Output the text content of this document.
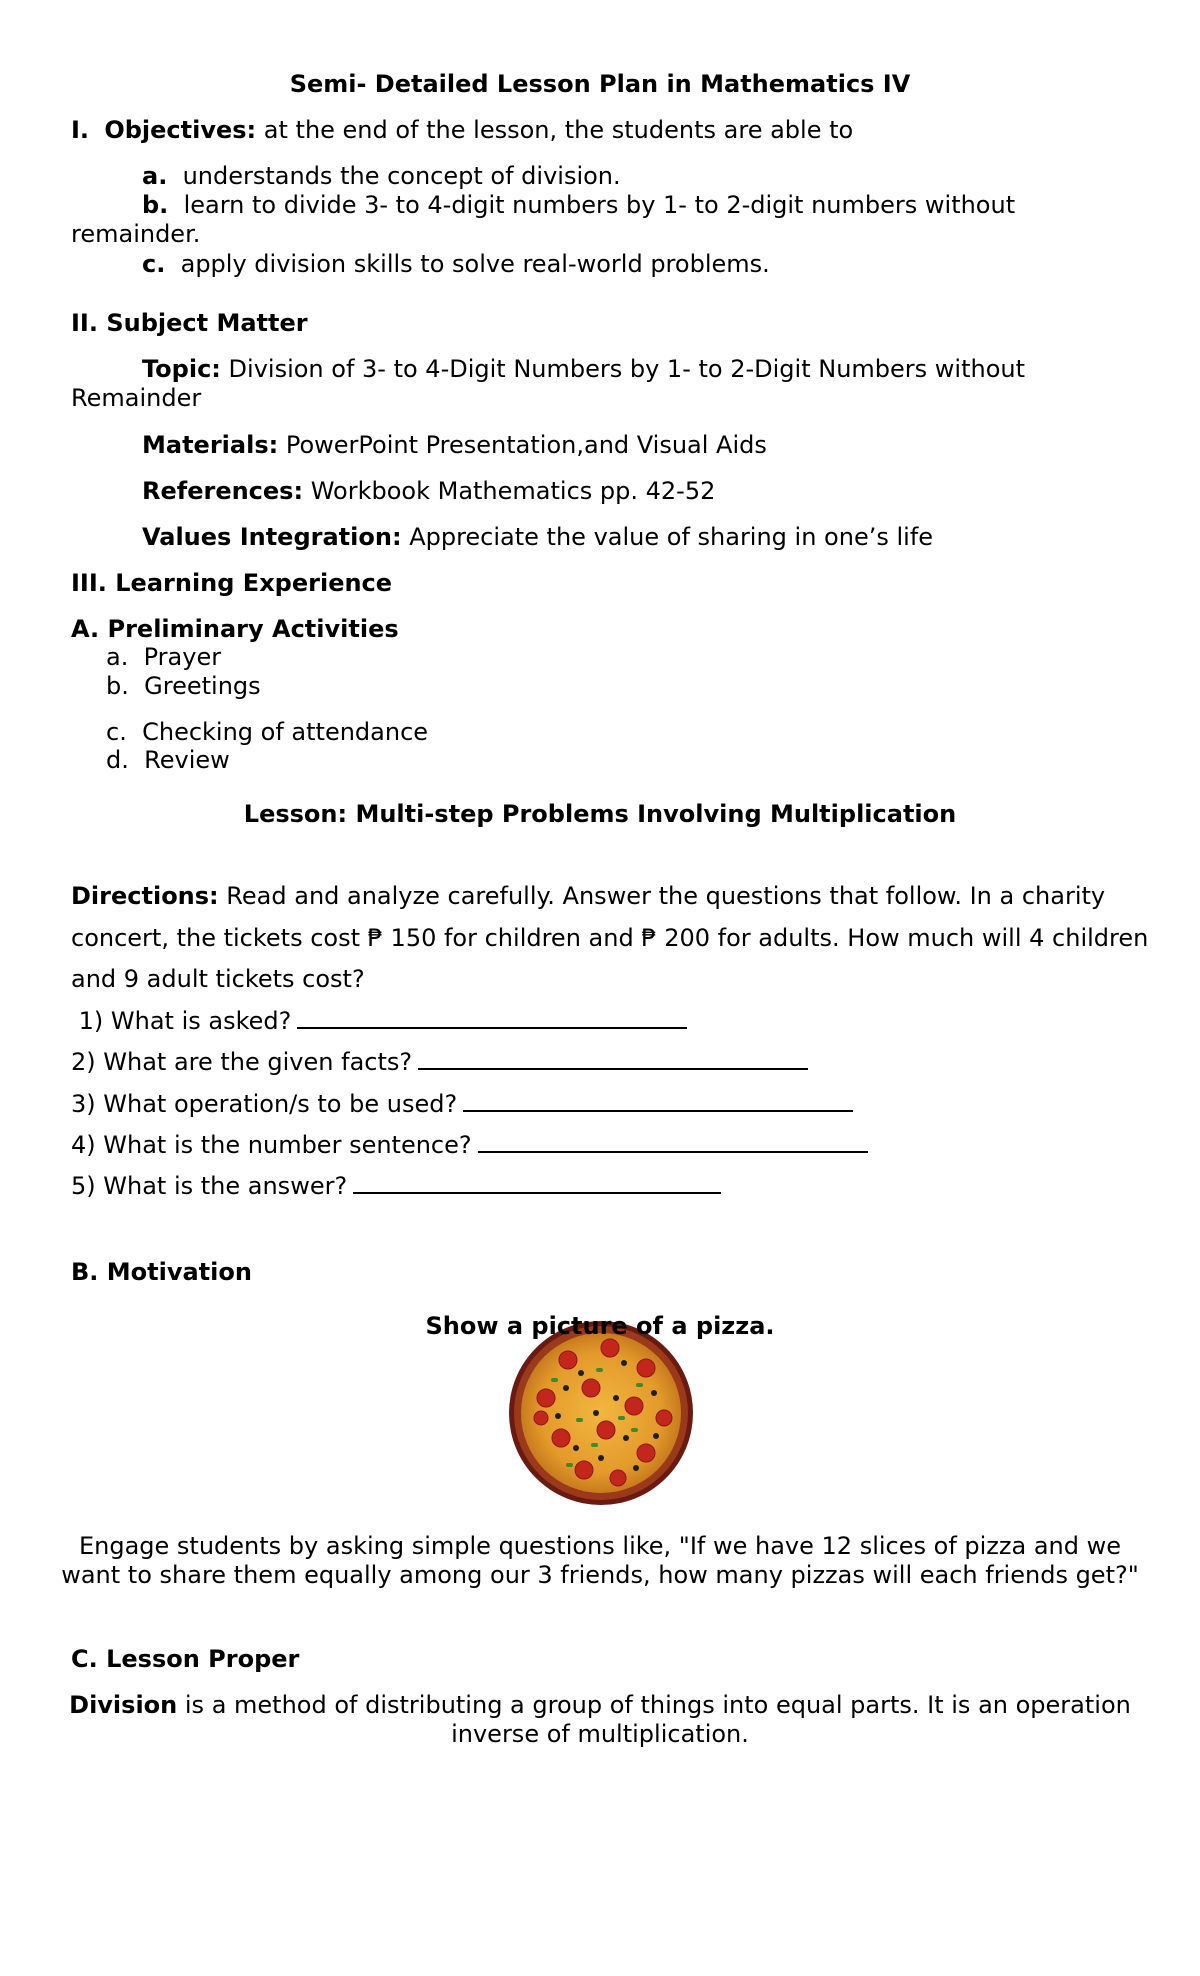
Semi- Detailed Lesson Plan in Mathematics IV
I. Objectives: at the end of the lesson, the students are able to
a. understands the concept of division.
b. learn to divide 3- to 4-digit numbers by 1- to 2-digit numbers without
remainder.
c. apply division skills to solve real-world problems.
II. Subject Matter
Topic: Division of 3- to 4-Digit Numbers by 1- to 2-Digit Numbers without
Remainder
Materials: PowerPoint Presentation,and Visual Aids
References: Workbook Mathematics pp. 42-52
Values Integration: Appreciate the value of sharing in one’s life
III. Learning Experience
A. Preliminary Activities
a. Prayer
b. Greetings
c. Checking of attendance
d. Review
Lesson: Multi-step Problems Involving Multiplication
Directions: Read and analyze carefully. Answer the questions that follow. In a charity
concert, the tickets cost ₱ 150 for children and ₱ 200 for adults. How much will 4 children
and 9 adult tickets cost?
1) What is asked?
2) What are the given facts?
3) What operation/s to be used?
4) What is the number sentence?
5) What is the answer?
B. Motivation
Show a picture of a pizza.
Engage students by asking simple questions like, "If we have 12 slices of pizza and we
want to share them equally among our 3 friends, how many pizzas will each friends get?"
C. Lesson Proper
Division is a method of distributing a group of things into equal parts. It is an operation
inverse of multiplication.
